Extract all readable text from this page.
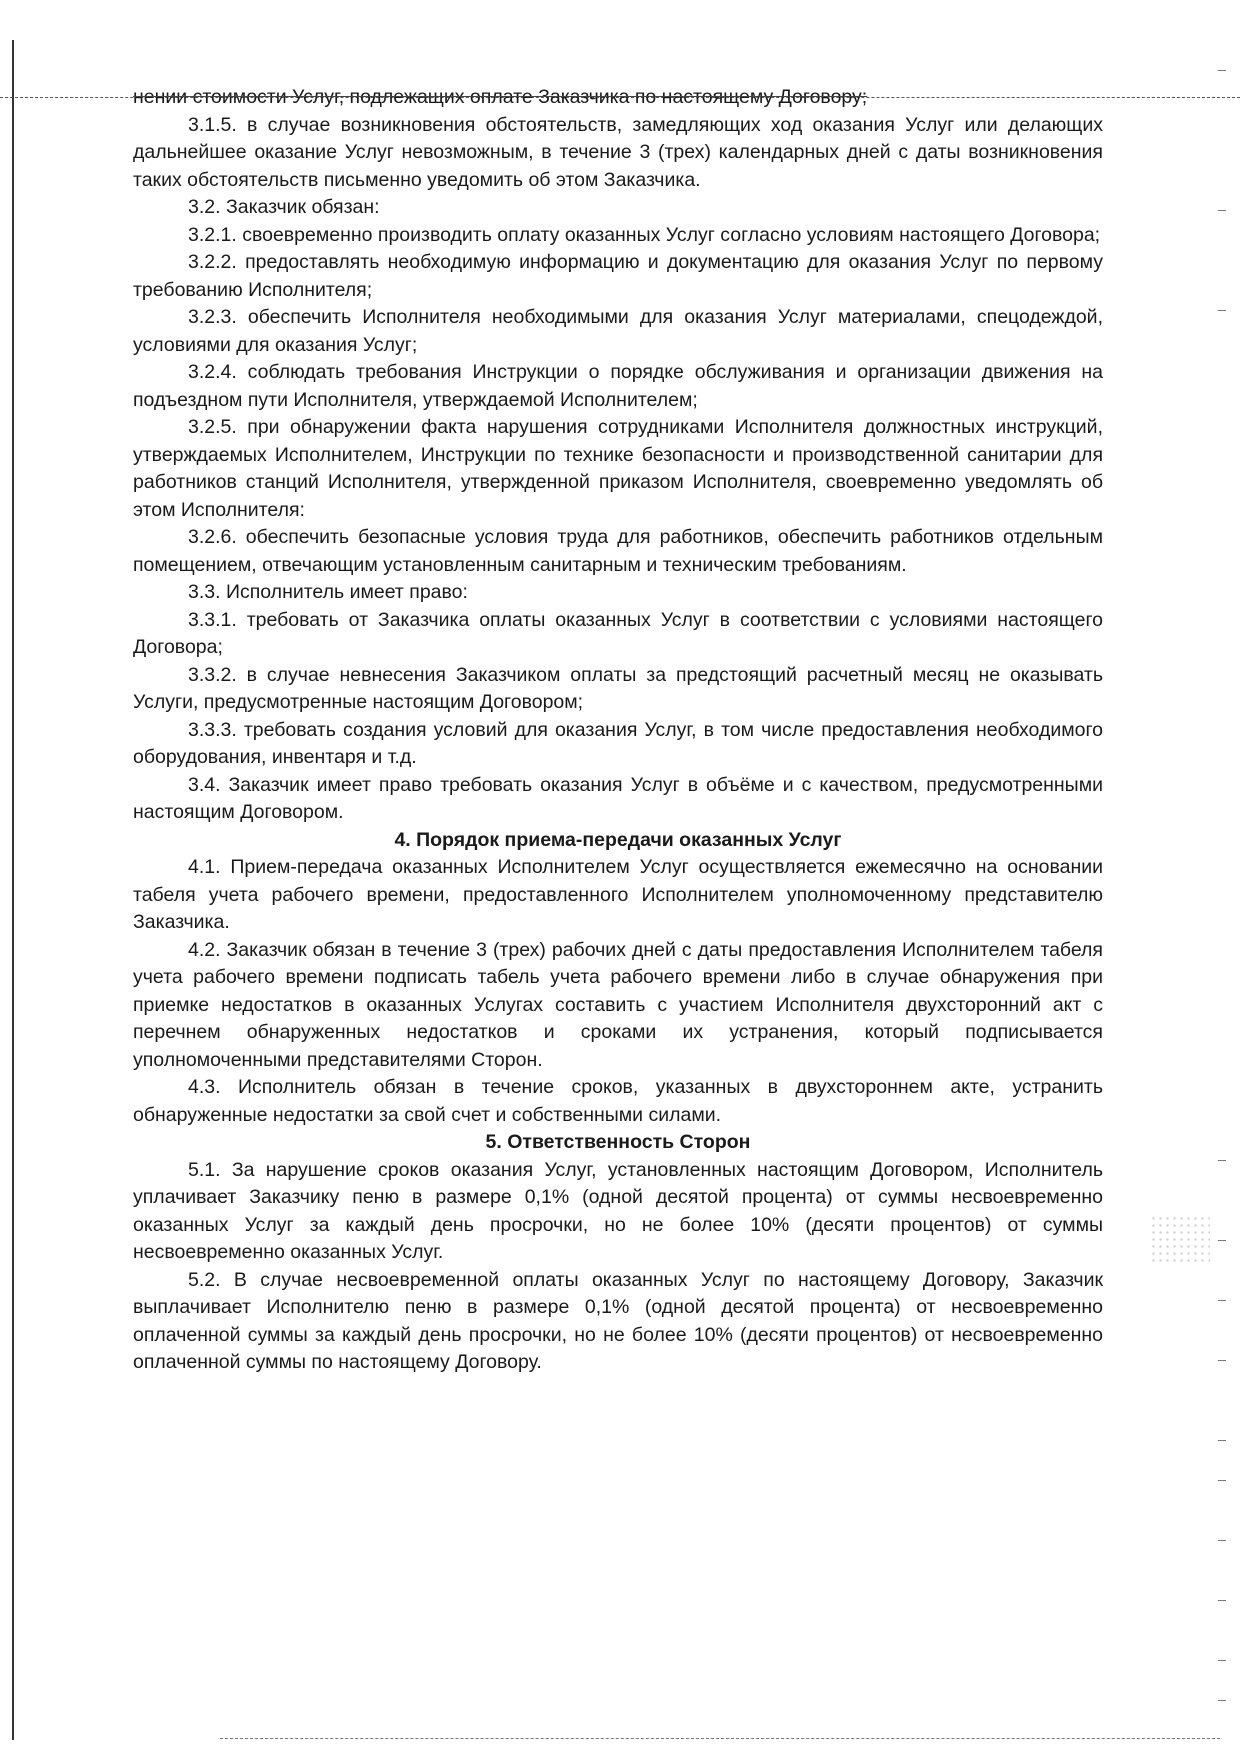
нении стоимости Услуг, подлежащих оплате Заказчика по настоящему Договору;

3.1.5. в случае возникновения обстоятельств, замедляющих ход оказания Услуг или делающих дальнейшее оказание Услуг невозможным, в течение 3 (трех) календарных дней с даты возникновения таких обстоятельств письменно уведомить об этом Заказчика.

3.2. Заказчик обязан:

3.2.1. своевременно производить оплату оказанных Услуг согласно условиям настоящего Договора;

3.2.2. предоставлять необходимую информацию и документацию для оказания Услуг по первому требованию Исполнителя;

3.2.3. обеспечить Исполнителя необходимыми для оказания Услуг материалами, спецодеждой, условиями для оказания Услуг;

3.2.4. соблюдать требования Инструкции о порядке обслуживания и организации движения на подъездном пути Исполнителя, утверждаемой Исполнителем;

3.2.5. при обнаружении факта нарушения сотрудниками Исполнителя должностных инструкций, утверждаемых Исполнителем, Инструкции по технике безопасности и производственной санитарии для работников станций Исполнителя, утвержденной приказом Исполнителя, своевременно уведомлять об этом Исполнителя:

3.2.6. обеспечить безопасные условия труда для работников, обеспечить работников отдельным помещением, отвечающим установленным санитарным и техническим требованиям.

3.3. Исполнитель имеет право:

3.3.1. требовать от Заказчика оплаты оказанных Услуг в соответствии с условиями настоящего Договора;

3.3.2. в случае невнесения Заказчиком оплаты за предстоящий расчетный месяц не оказывать Услуги, предусмотренные настоящим Договором;

3.3.3. требовать создания условий для оказания Услуг, в том числе предоставления необходимого оборудования, инвентаря и т.д.

3.4. Заказчик имеет право требовать оказания Услуг в объёме и с качеством, предусмотренными настоящим Договором.

4. Порядок приема-передачи оказанных Услуг

4.1. Прием-передача оказанных Исполнителем Услуг осуществляется ежемесячно на основании табеля учета рабочего времени, предоставленного Исполнителем уполномоченному представителю Заказчика.

4.2. Заказчик обязан в течение 3 (трех) рабочих дней с даты предоставления Исполнителем табеля учета рабочего времени подписать табель учета рабочего времени либо в случае обнаружения при приемке недостатков в оказанных Услугах составить с участием Исполнителя двухсторонний акт с перечнем обнаруженных недостатков и сроками их устранения, который подписывается уполномоченными представителями Сторон.

4.3. Исполнитель обязан в течение сроков, указанных в двухстороннем акте, устранить обнаруженные недостатки за свой счет и собственными силами.

5. Ответственность Сторон

5.1. За нарушение сроков оказания Услуг, установленных настоящим Договором, Исполнитель уплачивает Заказчику пеню в размере 0,1% (одной десятой процента) от суммы несвоевременно оказанных Услуг за каждый день просрочки, но не более 10% (десяти процентов) от суммы несвоевременно оказанных Услуг.

5.2. В случае несвоевременной оплаты оказанных Услуг по настоящему Договору, Заказчик выплачивает Исполнителю пеню в размере 0,1% (одной десятой процента) от несвоевременно оплаченной суммы за каждый день просрочки, но не более 10% (десяти процентов) от несвоевременно оплаченной суммы по настоящему Договору.
